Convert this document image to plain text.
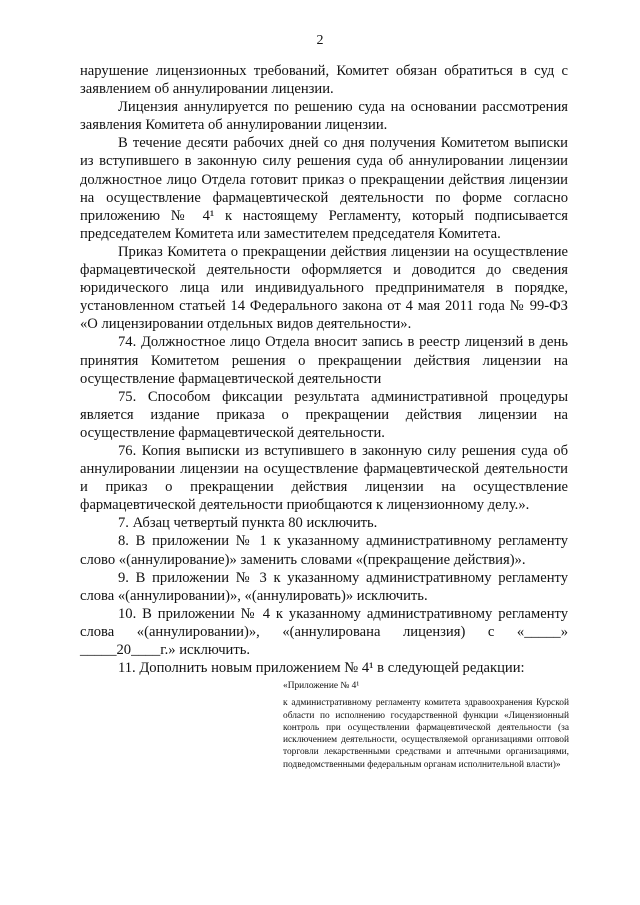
2

нарушение лицензионных требований, Комитет обязан обратиться в суд с заявлением об аннулировании лицензии.

Лицензия аннулируется по решению суда на основании рассмотрения заявления Комитета об аннулировании лицензии.

В течение десяти рабочих дней со дня получения Комитетом выписки из вступившего в законную силу решения суда об аннулировании лицензии должностное лицо Отдела готовит приказ о прекращении действия лицензии на осуществление фармацевтической деятельности по форме согласно приложению № 4¹ к настоящему Регламенту, который подписывается председателем Комитета или заместителем председателя Комитета.

Приказ Комитета о прекращении действия лицензии на осуществление фармацевтической деятельности оформляется и доводится до сведения юридического лица или индивидуального предпринимателя в порядке, установленном статьей 14 Федерального закона от 4 мая 2011 года № 99-ФЗ «О лицензировании отдельных видов деятельности».

74. Должностное лицо Отдела вносит запись в реестр лицензий в день принятия Комитетом решения о прекращении действия лицензии на осуществление фармацевтической деятельности

75. Способом фиксации результата административной процедуры является издание приказа о прекращении действия лицензии на осуществление фармацевтической деятельности.

76. Копия выписки из вступившего в законную силу решения суда об аннулировании лицензии на осуществление фармацевтической деятельности и приказ о прекращении действия лицензии на осуществление фармацевтической деятельности приобщаются к лицензионному делу.».

7. Абзац четвертый пункта 80 исключить.

8. В приложении № 1 к указанному административному регламенту слово «(аннулирование)» заменить словами «(прекращение действия)».

9. В приложении № 3 к указанному административному регламенту слова «(аннулировании)», «(аннулировать)» исключить.

10. В приложении № 4 к указанному административному регламенту слова «(аннулировании)», «(аннулирована лицензия) с «_____» _____20____г.» исключить.

11. Дополнить новым приложением № 4¹ в следующей редакции:

«Приложение № 4¹

к административному регламенту комитета здравоохранения Курской области по исполнению государственной функции «Лицензионный контроль при осуществлении фармацевтической деятельности (за исключением деятельности, осуществляемой организациями оптовой торговли лекарственными средствами и аптечными организациями, подведомственными федеральным органам исполнительной власти)»
